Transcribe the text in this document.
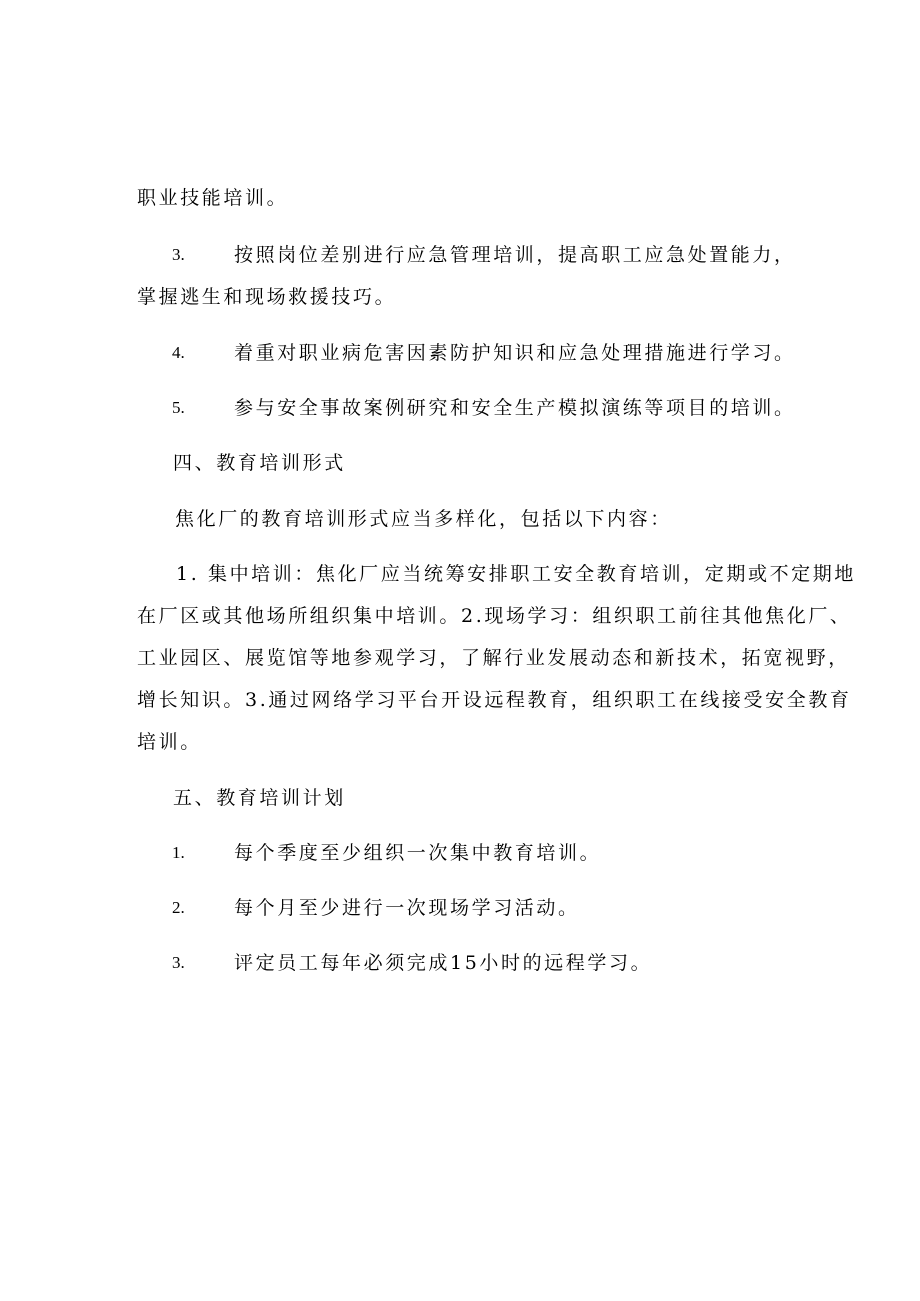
职业技能培训。
3.	按照岗位差别进行应急管理培训，提高职工应急处置能力，
掌握逃生和现场救援技巧。
4.	着重对职业病危害因素防护知识和应急处理措施进行学习。
5.	参与安全事故案例研究和安全生产模拟演练等项目的培训。
四、教育培训形式
焦化厂的教育培训形式应当多样化，包括以下内容：
1. 集中培训：焦化厂应当统筹安排职工安全教育培训，定期或不定期地
在厂区或其他场所组织集中培训。2.现场学习：组织职工前往其他焦化厂、
工业园区、展览馆等地参观学习，了解行业发展动态和新技术，拓宽视野，
增长知识。3.通过网络学习平台开设远程教育，组织职工在线接受安全教育
培训。
五、教育培训计划
1.	每个季度至少组织一次集中教育培训。
2.	每个月至少进行一次现场学习活动。
3.	评定员工每年必须完成15小时的远程学习。
